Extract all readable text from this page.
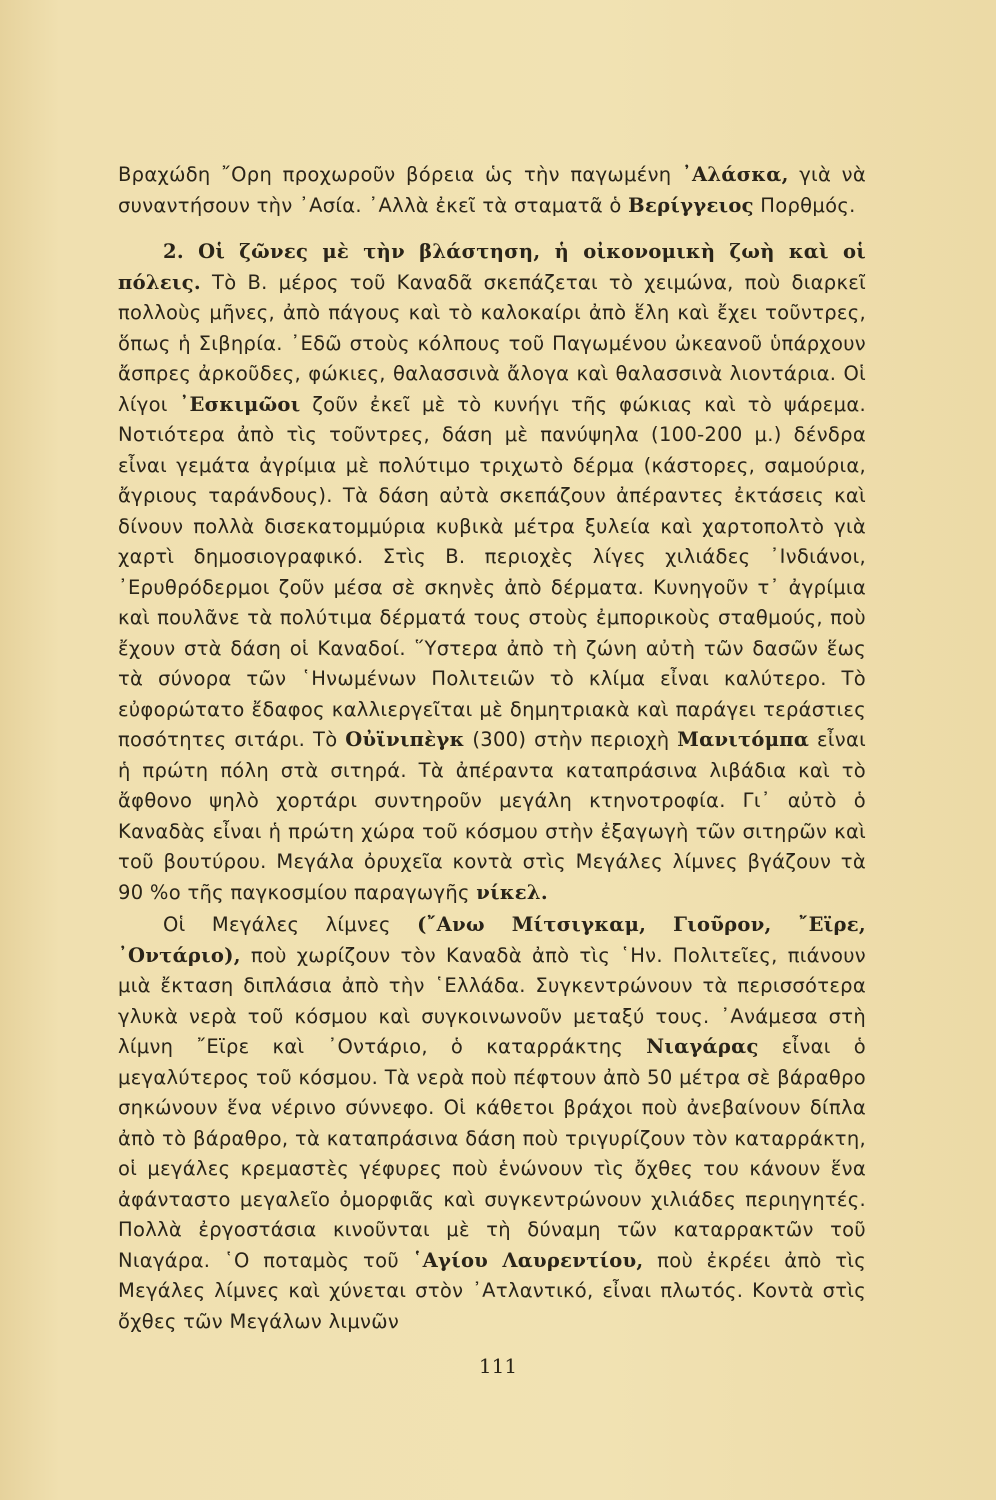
Βραχώδη ῎Ορη προχωροῦν βόρεια ὡς τὴν παγωμένη ᾿Αλάσκα, γιὰ νὰ συναντήσουν τὴν ᾿Ασία. ᾿Αλλὰ ἐκεῖ τὰ σταματᾶ ὁ Βερίγγειος Πορθμός.

2. Οἱ ζῶνες μὲ τὴν βλάστηση, ἡ οἰκονομικὴ ζωὴ καὶ οἱ πόλεις. Τὸ Β. μέρος τοῦ Καναδᾶ σκεπάζεται τὸ χειμώνα, ποὺ διαρκεῖ πολλοὺς μῆνες, ἀπὸ πάγους καὶ τὸ καλοκαίρι ἀπὸ ἕλη καὶ ἔχει τοῦντρες, ὅπως ἡ Σιβηρία. ᾿Εδῶ στοὺς κόλπους τοῦ Παγωμένου ὠκεανοῦ ὑπάρχουν ἄσπρες ἀρκοῦδες, φώκιες, θαλασσινὰ ἄλογα καὶ θαλασσινὰ λιοντάρια. Οἱ λίγοι ᾿Εσκιμῶοι ζοῦν ἐκεῖ μὲ τὸ κυνήγι τῆς φώκιας καὶ τὸ ψάρεμα. Νοτιότερα ἀπὸ τὶς τοῦντρες, δάση μὲ πανύψηλα (100-200 μ.) δένδρα εἶναι γεμάτα ἀγρίμια μὲ πολύτιμο τριχωτὸ δέρμα (κάστορες, σαμούρια, ἄγριους ταράνδους). Τὰ δάση αὐτὰ σκεπάζουν ἀπέραντες ἐκτάσεις καὶ δίνουν πολλὰ δισεκατομμύρια κυβικὰ μέτρα ξυλεία καὶ χαρτοπολτὸ γιὰ χαρτὶ δημοσιογραφικό. Στὶς Β. περιοχὲς λίγες χιλιάδες ᾿Ινδιάνοι, ᾿Ερυθρόδερμοι ζοῦν μέσα σὲ σκηνὲς ἀπὸ δέρματα. Κυνηγοῦν τ᾿ ἀγρίμια καὶ πουλᾶνε τὰ πολύτιμα δέρματά τους στοὺς ἐμπορικοὺς σταθμούς, ποὺ ἔχουν στὰ δάση οἱ Καναδοί. ῞Υστερα ἀπὸ τὴ ζώνη αὐτὴ τῶν δασῶν ἕως τὰ σύνορα τῶν ῾Ηνωμένων Πολιτειῶν τὸ κλίμα εἶναι καλύτερο. Τὸ εὐφορώτατο ἔδαφος καλλιεργεῖται μὲ δημητριακὰ καὶ παράγει τεράστιες ποσότητες σιτάρι. Τὸ Οὐϊνιπὲγκ (300) στὴν περιοχὴ Μανιτόμπα εἶναι ἡ πρώτη πόλη στὰ σιτηρά. Τὰ ἀπέραντα καταπράσινα λιβάδια καὶ τὸ ἄφθονο ψηλὸ χορτάρι συντηροῦν μεγάλη κτηνοτροφία. Γι᾿ αὐτὸ ὁ Καναδὰς εἶναι ἡ πρώτη χώρα τοῦ κόσμου στὴν ἐξαγωγὴ τῶν σιτηρῶν καὶ τοῦ βουτύρου. Μεγάλα ὀρυχεῖα κοντὰ στὶς Μεγάλες λίμνες βγάζουν τὰ 90 %ο τῆς παγκοσμίου παραγωγῆς νίκελ.

Οἱ Μεγάλες λίμνες (῎Ανω Μίτσιγκαμ, Γιοῦρον, ῎Εϊρε, ᾿Οντάριο), ποὺ χωρίζουν τὸν Καναδὰ ἀπὸ τὶς ῾Ην. Πολιτεῖες, πιάνουν μιὰ ἔκταση διπλάσια ἀπὸ τὴν ῾Ελλάδα. Συγκεντρώνουν τὰ περισσότερα γλυκὰ νερὰ τοῦ κόσμου καὶ συγκοινωνοῦν μεταξύ τους. ᾿Ανάμεσα στὴ λίμνη ῎Εϊρε καὶ ᾿Οντάριο, ὁ καταρράκτης Νιαγάρας εἶναι ὁ μεγαλύτερος τοῦ κόσμου. Τὰ νερὰ ποὺ πέφτουν ἀπὸ 50 μέτρα σὲ βάραθρο σηκώνουν ἕνα νέρινο σύννεφο. Οἱ κάθετοι βράχοι ποὺ ἀνεβαίνουν δίπλα ἀπὸ τὸ βάραθρο, τὰ καταπράσινα δάση ποὺ τριγυρίζουν τὸν καταρράκτη, οἱ μεγάλες κρεμαστὲς γέφυρες ποὺ ἑνώνουν τὶς ὄχθες του κάνουν ἕνα ἀφάνταστο μεγαλεῖο ὀμορφιᾶς καὶ συγκεντρώνουν χιλιάδες περιηγητές. Πολλὰ ἐργοστάσια κινοῦνται μὲ τὴ δύναμη τῶν καταρρακτῶν τοῦ Νιαγάρα. ῾Ο ποταμὸς τοῦ ῾Αγίου Λαυρεντίου, ποὺ ἐκρέει ἀπὸ τὶς Μεγάλες λίμνες καὶ χύνεται στὸν ᾿Ατλαντικό, εἶναι πλωτός. Κοντὰ στὶς ὄχθες τῶν Μεγάλων λιμνῶν

111
